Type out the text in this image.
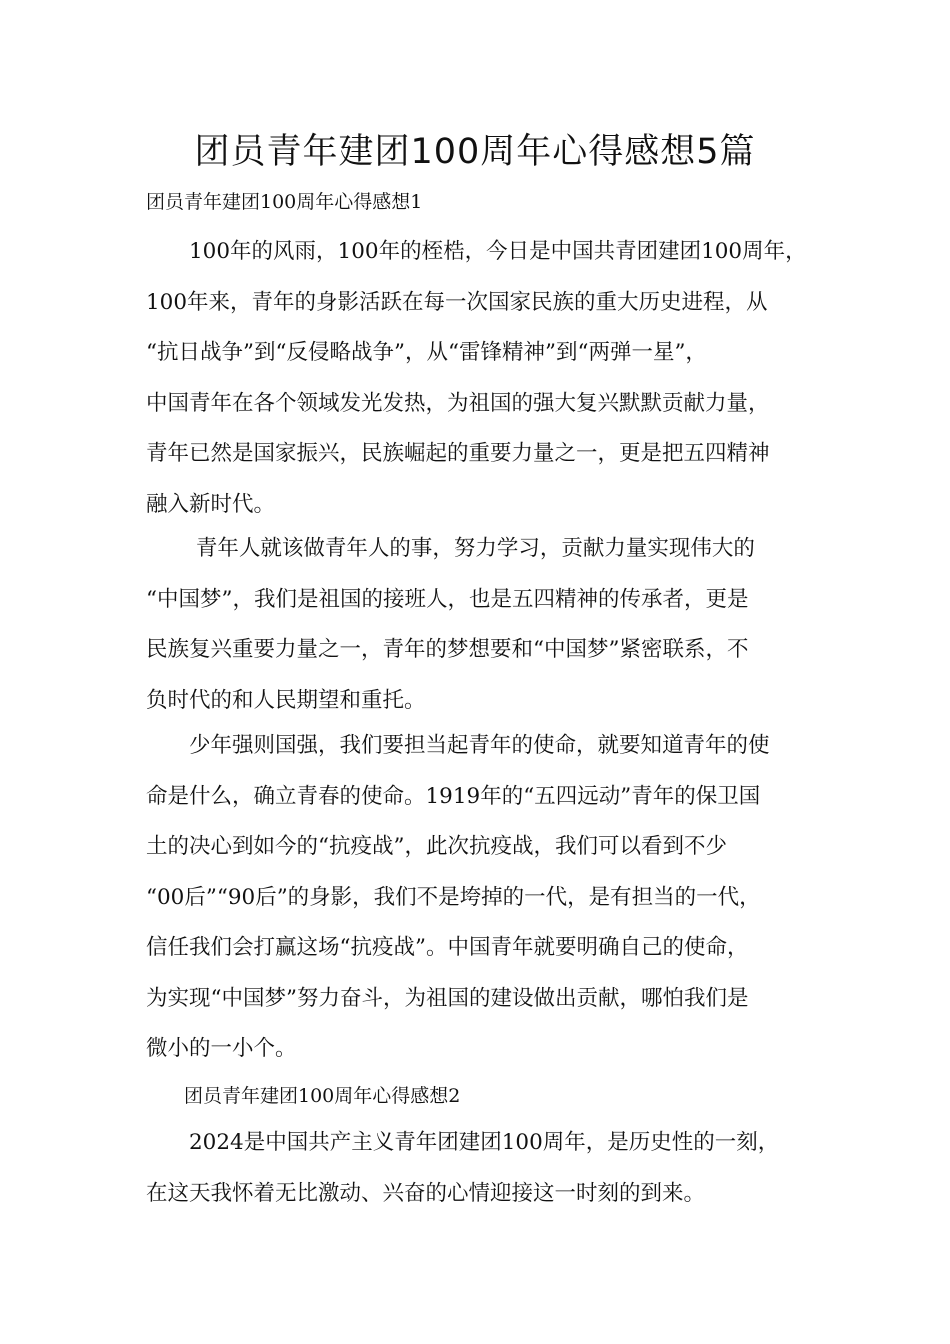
团员青年建团100周年心得感想5篇

团员青年建团100周年心得感想1

　　100年的风雨，100年的桎梏，今日是中国共青团建团100周年，
100年来，青年的身影活跃在每一次国家民族的重大历史进程，从
“抗日战争”到“反侵略战争”，从“雷锋精神”到“两弹一星”，
中国青年在各个领域发光发热，为祖国的强大复兴默默贡献力量，
青年已然是国家振兴，民族崛起的重要力量之一，更是把五四精神
融入新时代。
　　 青年人就该做青年人的事，努力学习，贡献力量实现伟大的
“中国梦”，我们是祖国的接班人，也是五四精神的传承者，更是
民族复兴重要力量之一，青年的梦想要和“中国梦”紧密联系，不
负时代的和人民期望和重托。
　　少年强则国强，我们要担当起青年的使命，就要知道青年的使
命是什么，确立青春的使命。1919年的“五四远动”青年的保卫国
土的决心到如今的“抗疫战”，此次抗疫战，我们可以看到不少
“00后”“90后”的身影，我们不是垮掉的一代，是有担当的一代，
信任我们会打赢这场“抗疫战”。中国青年就要明确自己的使命，
为实现“中国梦”努力奋斗，为祖国的建设做出贡献，哪怕我们是
微小的一小个。

　　团员青年建团100周年心得感想2

　　2024是中国共产主义青年团建团100周年，是历史性的一刻，
在这天我怀着无比激动、兴奋的心情迎接这一时刻的到来。
